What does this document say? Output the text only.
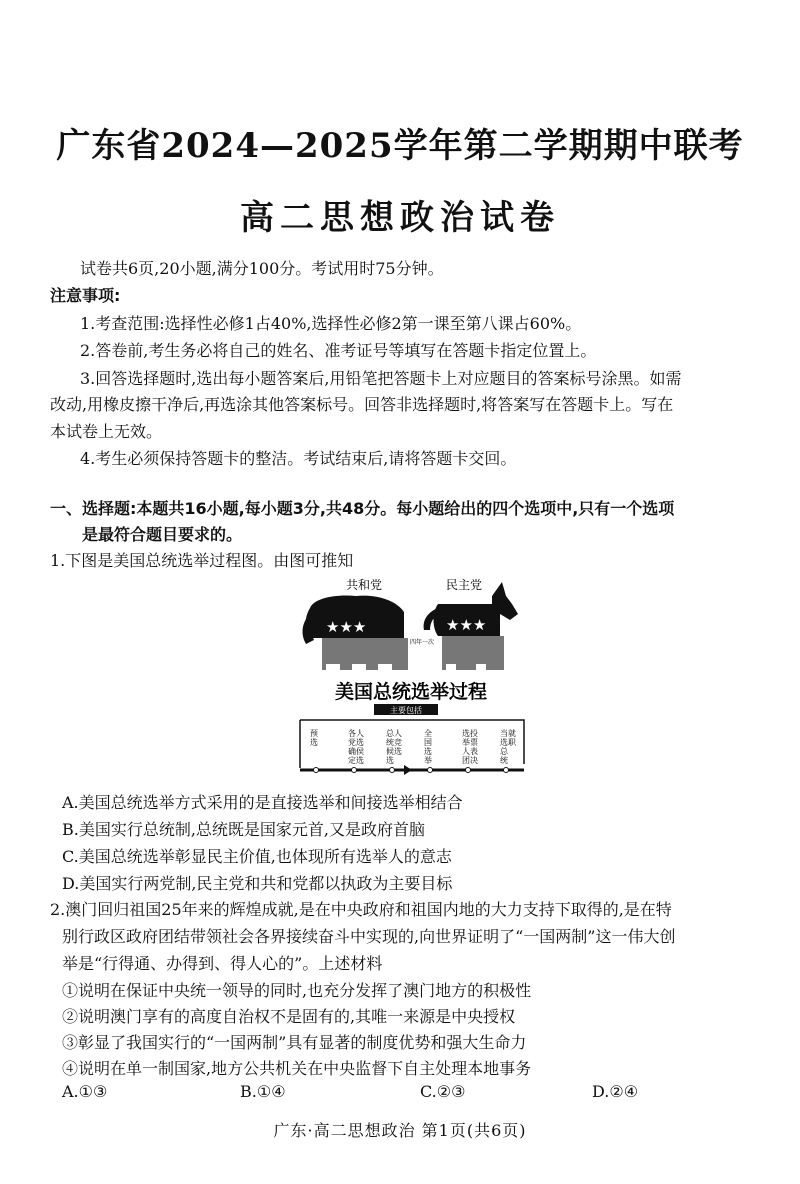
广东省2024—2025学年第二学期期中联考
高二思想政治试卷
试卷共6页,20小题,满分100分。考试用时75分钟。
注意事项:
1.考查范围:选择性必修1占40%,选择性必修2第一课至第八课占60%。
2.答卷前,考生务必将自己的姓名、准考证号等填写在答题卡指定位置上。
3.回答选择题时,选出每小题答案后,用铅笔把答题卡上对应题目的答案标号涂黑。如需
改动,用橡皮擦干净后,再选涂其他答案标号。回答非选择题时,将答案写在答题卡上。写在
本试卷上无效。
4.考生必须保持答题卡的整洁。考试结束后,请将答题卡交回。
一、选择题:本题共16小题,每小题3分,共48分。每小题给出的四个选项中,只有一个选项
是最符合题目要求的。
1.下图是美国总统选举过程图。由图可推知
共和党	民主党
★★★
四年一次
★★★
美国总统选举过程
主要包括
预
选
各人
党选
确侯
定选
总人
统竞
候选
选
全
国
选
举
选投
举票
人表
团决
当就
选职
总
统
A.美国总统选举方式采用的是直接选举和间接选举相结合
B.美国实行总统制,总统既是国家元首,又是政府首脑
C.美国总统选举彰显民主价值,也体现所有选举人的意志
D.美国实行两党制,民主党和共和党都以执政为主要目标
2.澳门回归祖国25年来的辉煌成就,是在中央政府和祖国内地的大力支持下取得的,是在特
别行政区政府团结带领社会各界接续奋斗中实现的,向世界证明了“一国两制”这一伟大创
举是“行得通、办得到、得人心的”。上述材料
①说明在保证中央统一领导的同时,也充分发挥了澳门地方的积极性
②说明澳门享有的高度自治权不是固有的,其唯一来源是中央授权
③彰显了我国实行的“一国两制”具有显著的制度优势和强大生命力
④说明在单一制国家,地方公共机关在中央监督下自主处理本地事务
A.①③	B.①④	C.②③	D.②④
广东·高二思想政治 第1页(共6页)
